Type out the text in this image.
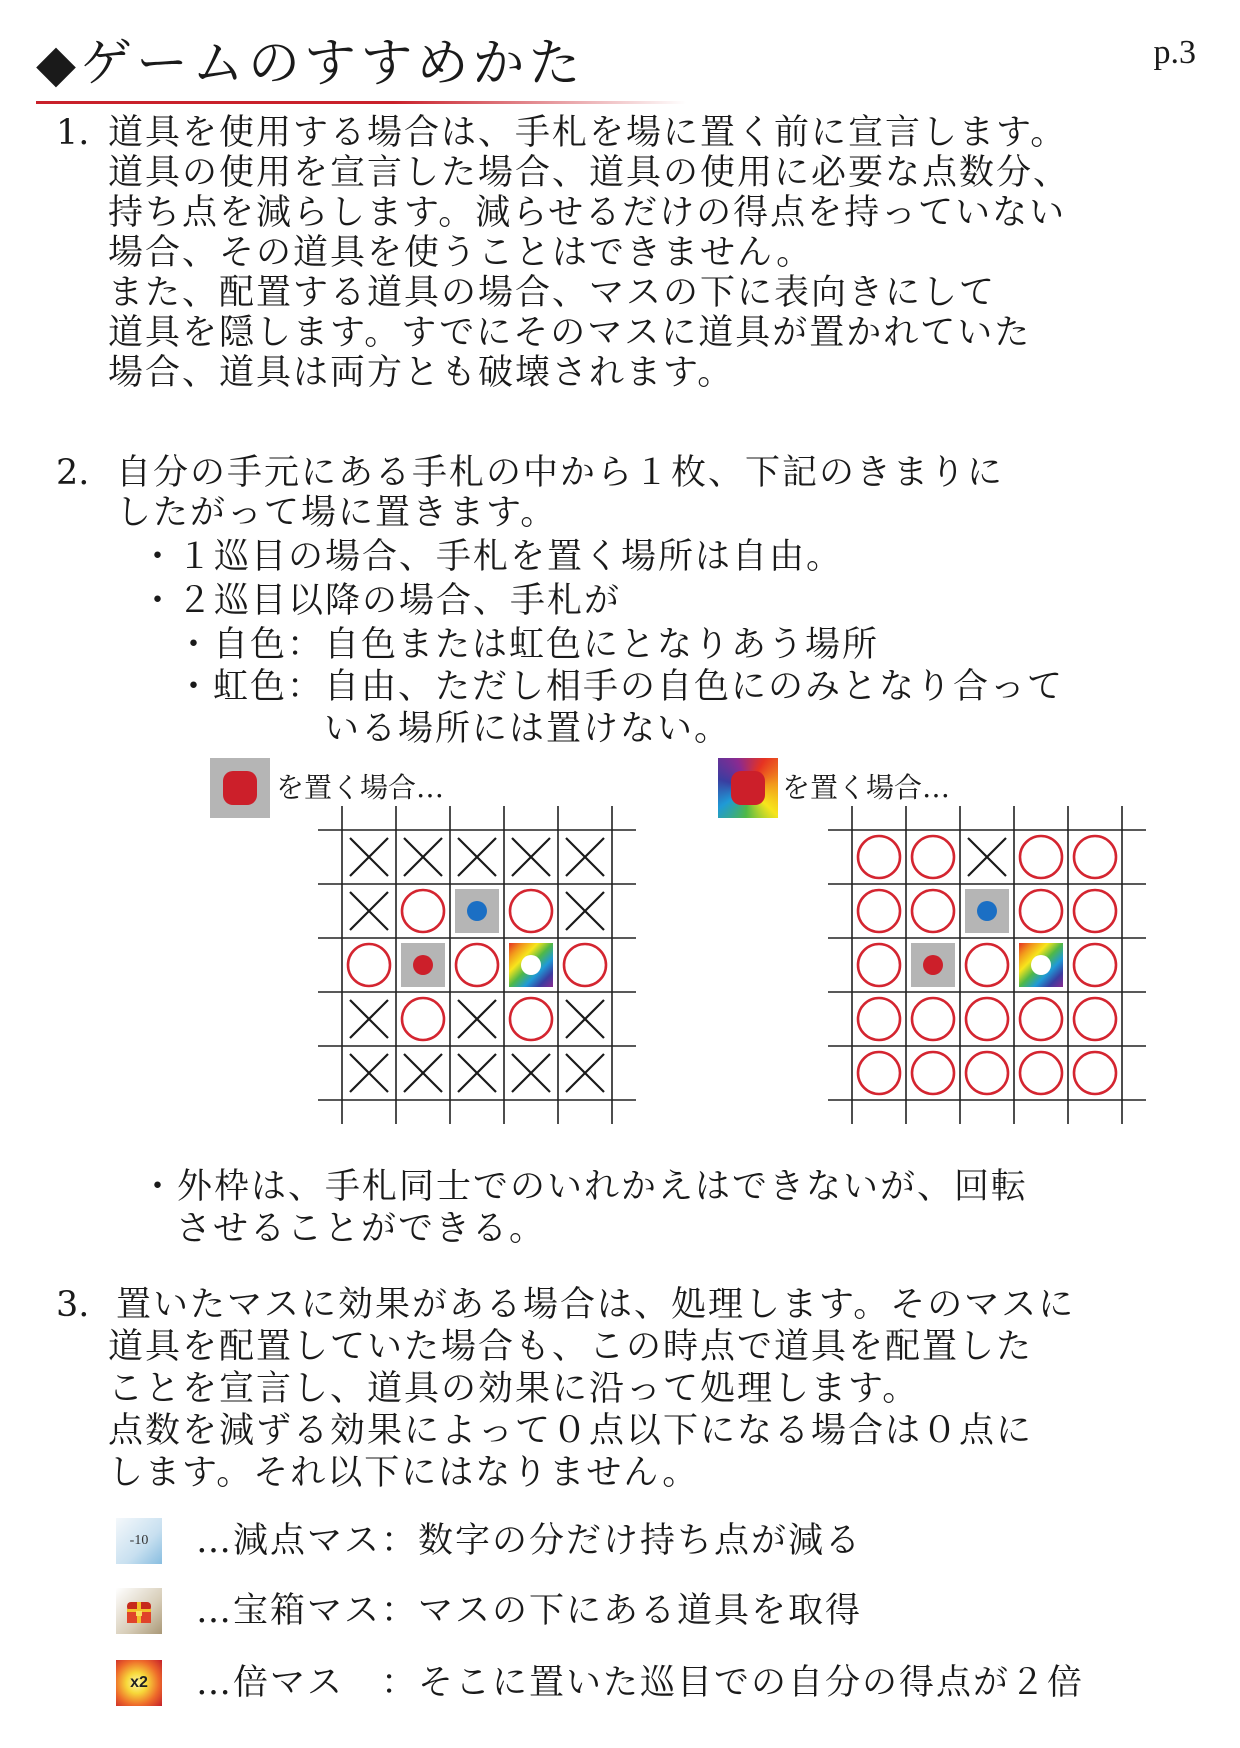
p.3
◆ゲームのすすめかた
1. 道具を使用する場合は、手札を場に置く前に宣言します。
道具の使用を宣言した場合、道具の使用に必要な点数分、
持ち点を減らします。減らせるだけの得点を持っていない
場合、その道具を使うことはできません。
また、配置する道具の場合、マスの下に表向きにして
道具を隠します。すでにそのマスに道具が置かれていた
場合、道具は両方とも破壊されます。
2. 自分の手元にある手札の中から１枚、下記のきまりに
したがって場に置きます。
・１巡目の場合、手札を置く場所は自由。
・２巡目以降の場合、手札が
・自色：自色または虹色にとなりあう場所
・虹色：自由、ただし相手の自色にのみとなり合って
いる場所には置けない。
を置く場合…	を置く場合…
・外枠は、手札同士でのいれかえはできないが、回転
させることができる。
3. 置いたマスに効果がある場合は、処理します。そのマスに
道具を配置していた場合も、この時点で道具を配置した
ことを宣言し、道具の効果に沿って処理します。
点数を減ずる効果によって０点以下になる場合は０点に
します。それ以下にはなりません。
-10 …減点マス：数字の分だけ持ち点が減る
…宝箱マス：マスの下にある道具を取得
x2 …倍マス　：そこに置いた巡目での自分の得点が２倍
